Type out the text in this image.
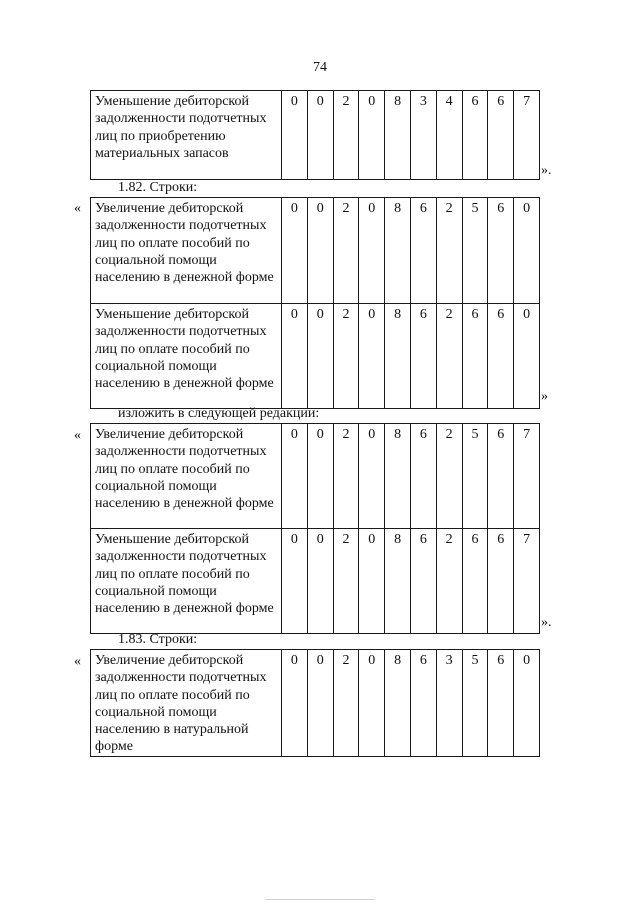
74
Уменьшение дебиторской задолженности подотчетных лиц по приобретению материальных запасов	0	0	2	0	8	3	4	6	6	7
».
1.82. Строки:
« Увеличение дебиторской задолженности подотчетных лиц по оплате пособий по социальной помощи населению в денежной форме	0	0	2	0	8	6	2	5	6	0
Уменьшение дебиторской задолженности подотчетных лиц по оплате пособий по социальной помощи населению в денежной форме	0	0	2	0	8	6	2	6	6	0
»
изложить в следующей редакции:
« Увеличение дебиторской задолженности подотчетных лиц по оплате пособий по социальной помощи населению в денежной форме	0	0	2	0	8	6	2	5	6	7
Уменьшение дебиторской задолженности подотчетных лиц по оплате пособий по социальной помощи населению в денежной форме	0	0	2	0	8	6	2	6	6	7
».
1.83. Строки:
« Увеличение дебиторской задолженности подотчетных лиц по оплате пособий по социальной помощи населению в натуральной форме	0	0	2	0	8	6	3	5	6	0
